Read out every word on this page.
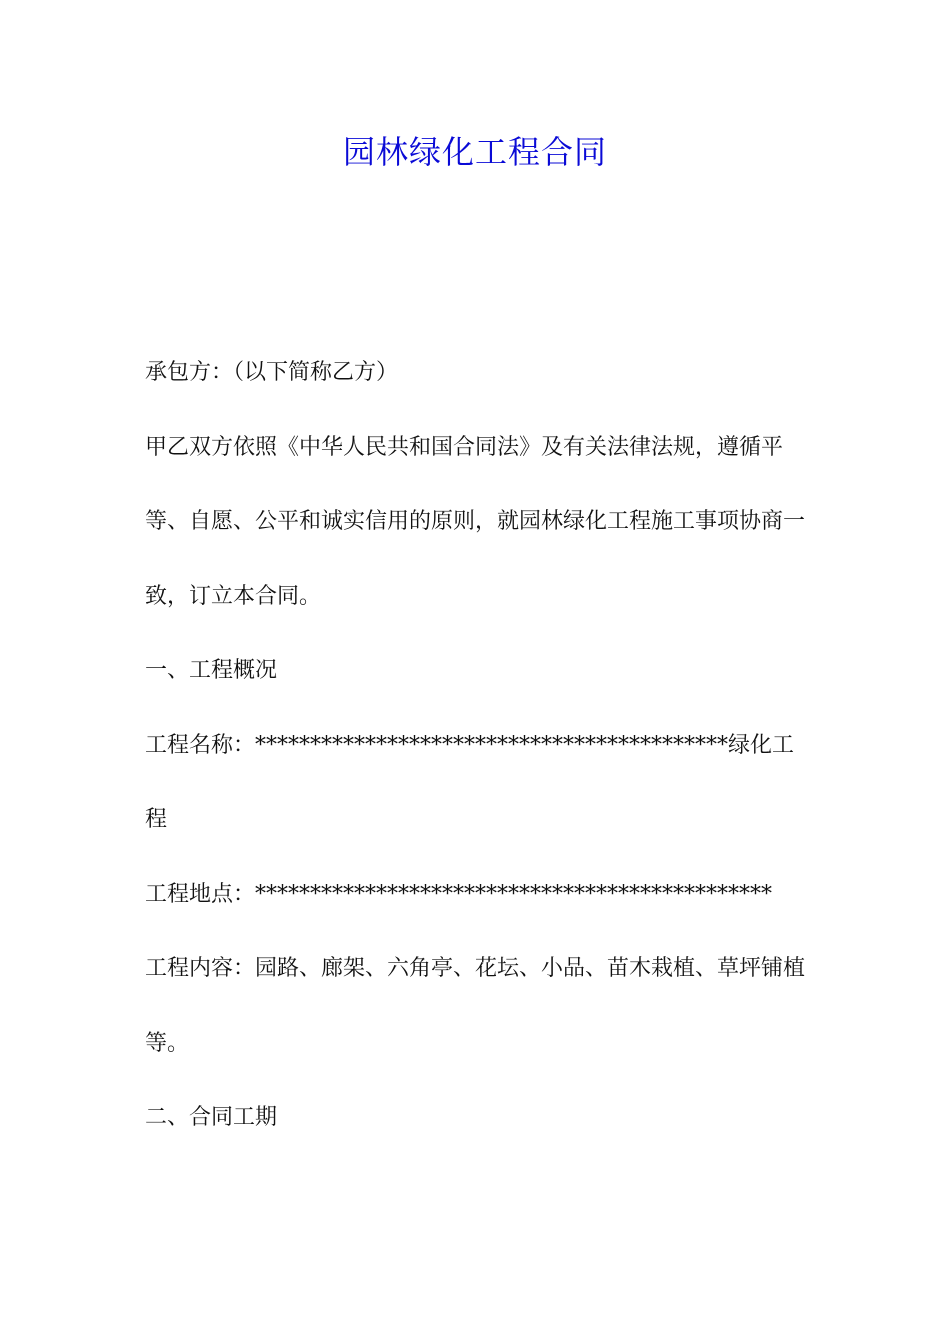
园林绿化工程合同

承包方：（以下简称乙方）

甲乙双方依照《中华人民共和国合同法》及有关法律法规，遵循平等、自愿、公平和诚实信用的原则，就园林绿化工程施工事项协商一致，订立本合同。

一、工程概况

工程名称：*******************************************绿化工程

工程地点：***********************************************

工程内容：园路、廊架、六角亭、花坛、小品、苗木栽植、草坪铺植等。

二、合同工期
